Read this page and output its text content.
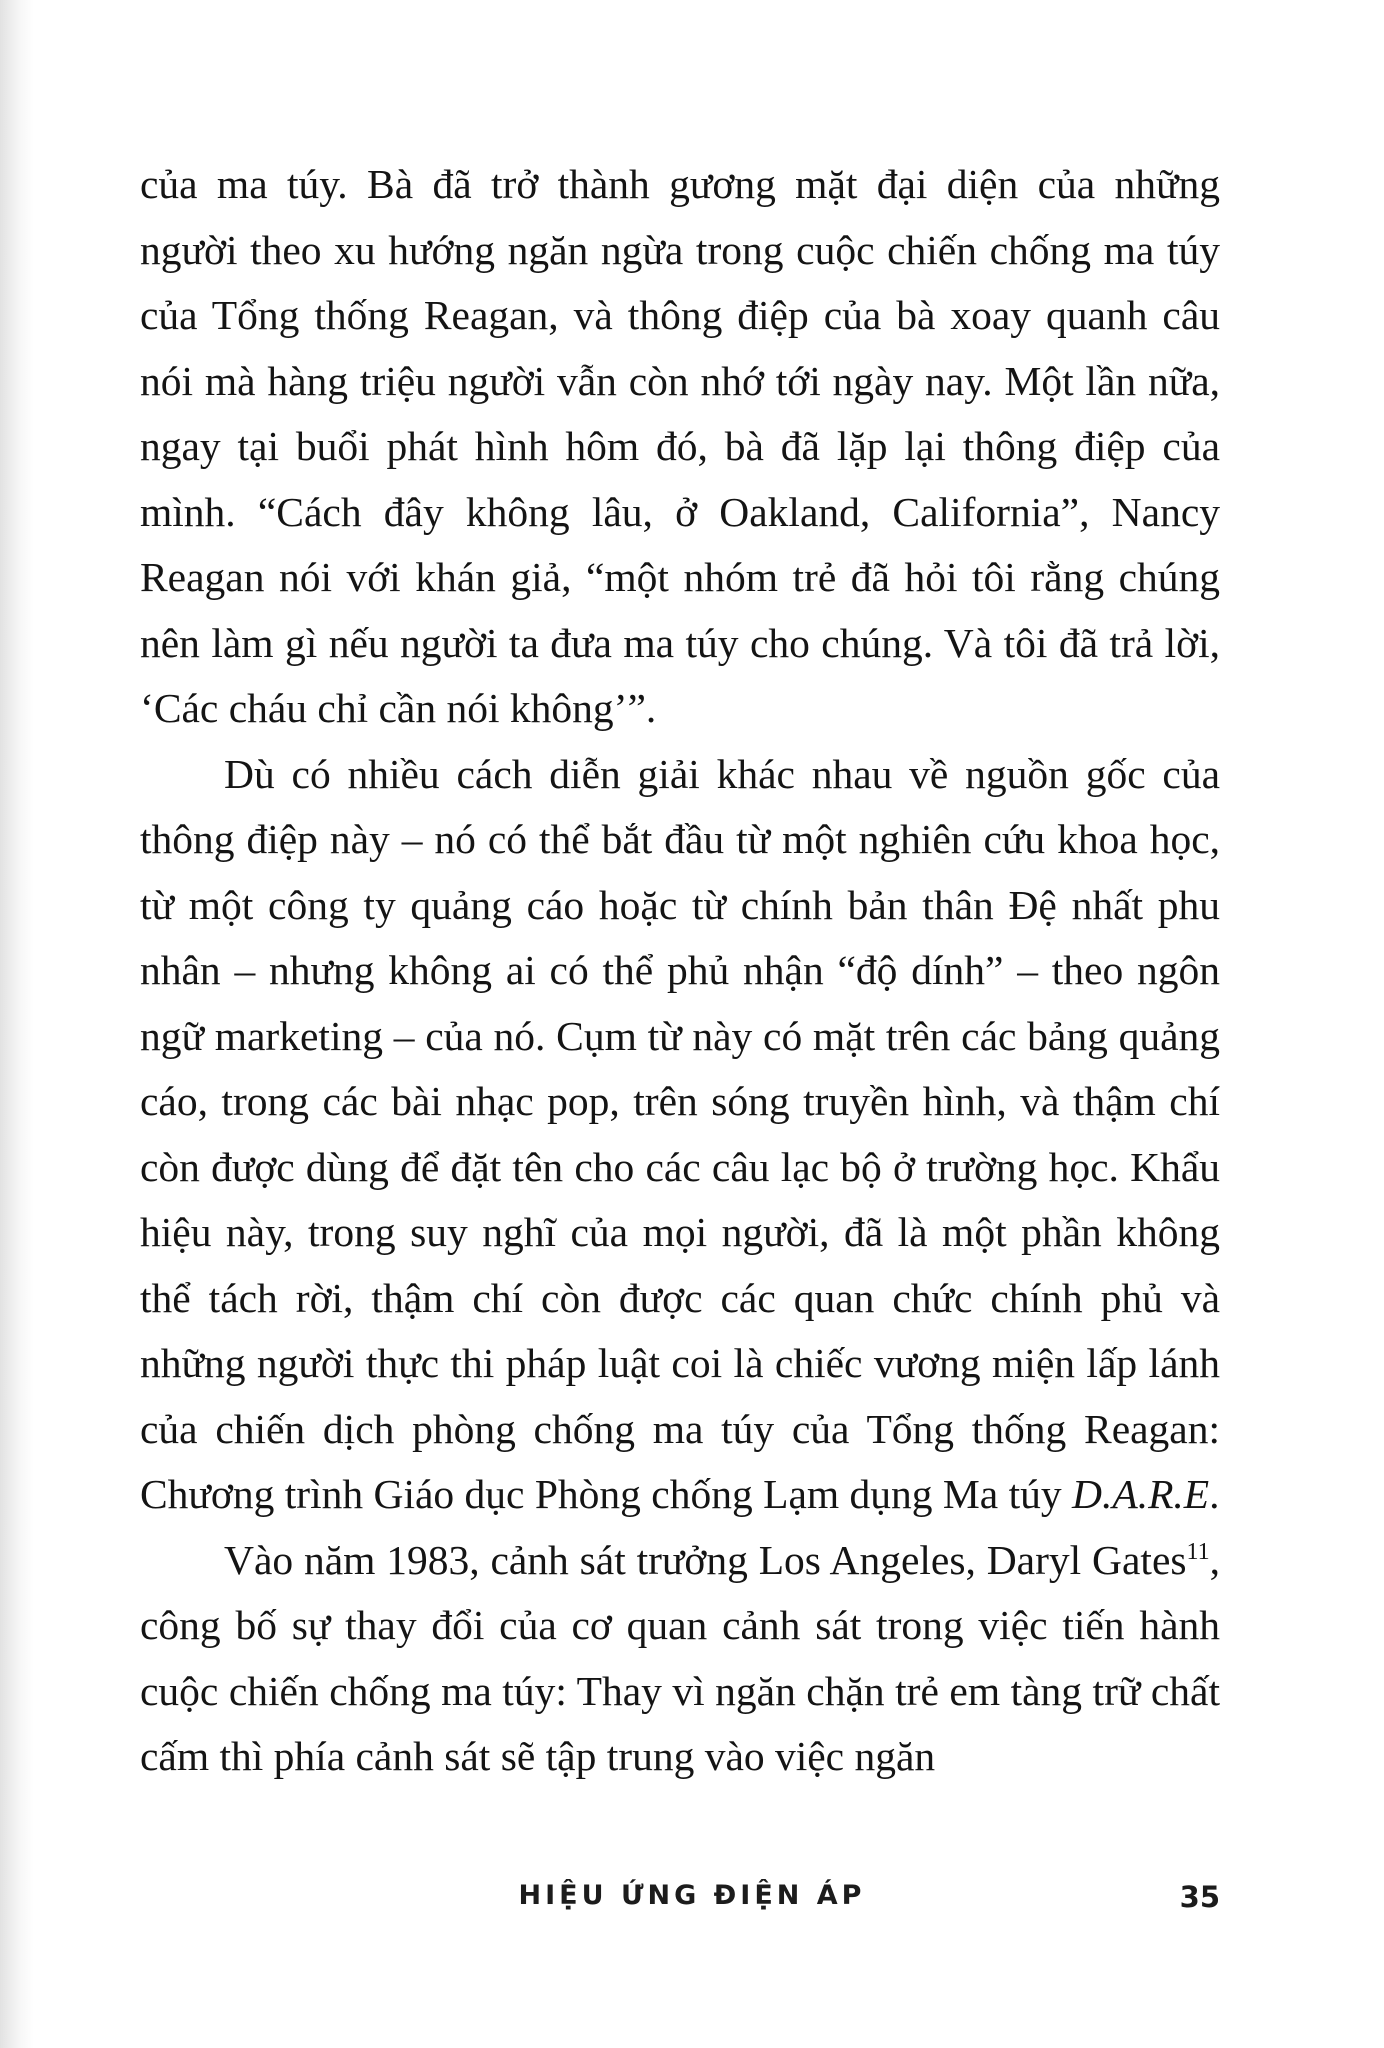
của ma túy. Bà đã trở thành gương mặt đại diện của những người theo xu hướng ngăn ngừa trong cuộc chiến chống ma túy của Tổng thống Reagan, và thông điệp của bà xoay quanh câu nói mà hàng triệu người vẫn còn nhớ tới ngày nay. Một lần nữa, ngay tại buổi phát hình hôm đó, bà đã lặp lại thông điệp của mình. “Cách đây không lâu, ở Oakland, California”, Nancy Reagan nói với khán giả, “một nhóm trẻ đã hỏi tôi rằng chúng nên làm gì nếu người ta đưa ma túy cho chúng. Và tôi đã trả lời, ‘Các cháu chỉ cần nói không’”.

Dù có nhiều cách diễn giải khác nhau về nguồn gốc của thông điệp này – nó có thể bắt đầu từ một nghiên cứu khoa học, từ một công ty quảng cáo hoặc từ chính bản thân Đệ nhất phu nhân – nhưng không ai có thể phủ nhận “độ dính” – theo ngôn ngữ marketing – của nó. Cụm từ này có mặt trên các bảng quảng cáo, trong các bài nhạc pop, trên sóng truyền hình, và thậm chí còn được dùng để đặt tên cho các câu lạc bộ ở trường học. Khẩu hiệu này, trong suy nghĩ của mọi người, đã là một phần không thể tách rời, thậm chí còn được các quan chức chính phủ và những người thực thi pháp luật coi là chiếc vương miện lấp lánh của chiến dịch phòng chống ma túy của Tổng thống Reagan: Chương trình Giáo dục Phòng chống Lạm dụng Ma túy D.A.R.E.

Vào năm 1983, cảnh sát trưởng Los Angeles, Daryl Gates$^{11}$, công bố sự thay đổi của cơ quan cảnh sát trong việc tiến hành cuộc chiến chống ma túy: Thay vì ngăn chặn trẻ em tàng trữ chất cấm thì phía cảnh sát sẽ tập trung vào việc ngăn

HIỆU ỨNG ĐIỆN ÁP	35
